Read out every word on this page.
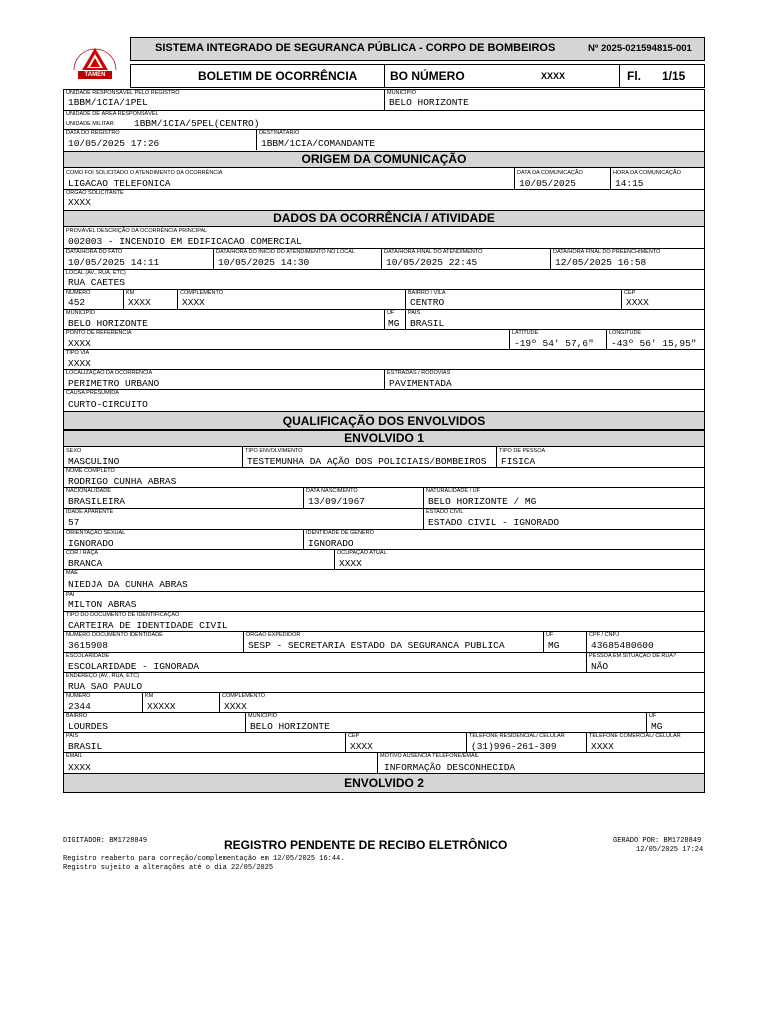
TAMEN
SISTEMA INTEGRADO DE SEGURANCA PÚBLICA - CORPO DE BOMBEIROS	Nº 2025-021594815-001
BOLETIM DE OCORRÊNCIA	BO NÚMERO	XXXX	Fl. 1/15
UNIDADE RESPONSÁVEL PELO REGISTRO
1BBM/1CIA/1PEL
MUNICÍPIO
BELO HORIZONTE
UNIDADE DE ÁREA RESPONSÁVEL
UNIDADE MILITAR: 1BBM/1CIA/5PEL(CENTRO)
DATA DO REGISTRO
10/05/2025 17:26
DESTINATÁRIO
1BBM/1CIA/COMANDANTE
ORIGEM DA COMUNICAÇÃO
COMO FOI SOLICITADO O ATENDIMENTO DA OCORRÊNCIA
LIGACAO TELEFONICA
DATA DA COMUNICAÇÃO
10/05/2025
HORA DA COMUNICAÇÃO
14:15
ÓRGÃO SOLICITANTE
XXXX
DADOS DA OCORRÊNCIA / ATIVIDADE
PROVÁVEL DESCRIÇÃO DA OCORRÊNCIA PRINCIPAL
002003 - INCENDIO EM EDIFICACAO COMERCIAL
DATA/HORA DO FATO
10/05/2025 14:11
DATA/HORA DO INÍCIO DO ATENDIMENTO NO LOCAL
10/05/2025 14:30
DATA/HORA FINAL DO ATENDIMENTO
10/05/2025 22:45
DATA/HORA FINAL DO PREENCHIMENTO
12/05/2025 16:58
LOCAL (AV., RUA, ETC)
RUA CAETES
NÚMERO
452
KM
XXXX
COMPLEMENTO
XXXX
BAIRRO / VILA
CENTRO
CEP
XXXX
MUNICÍPIO
BELO HORIZONTE
UF
MG
PAÍS
BRASIL
PONTO DE REFERÊNCIA
XXXX
LATITUDE
-19º 54' 57,6"
LONGITUDE
-43º 56' 15,95"
TIPO VIA
XXXX
LOCALIZAÇÃO DA OCORRÊNCIA
PERIMETRO URBANO
ESTRADAS / RODOVIAS
PAVIMENTADA
CAUSA PRESUMIDA
CURTO-CIRCUITO
QUALIFICAÇÃO DOS ENVOLVIDOS
ENVOLVIDO 1
SEXO
MASCULINO
TIPO ENVOLVIMENTO
TESTEMUNHA DA AÇÃO DOS POLICIAIS/BOMBEIROS
TIPO DE PESSOA
FISICA
NOME COMPLETO
RODRIGO CUNHA ABRAS
NACIONALIDADE
BRASILEIRA
DATA NASCIMENTO
13/09/1967
NATURALIDADE / UF
BELO HORIZONTE / MG
IDADE APARENTE
57
ESTADO CIVIL
ESTADO CIVIL - IGNORADO
ORIENTAÇÃO SEXUAL
IGNORADO
IDENTIDADE DE GÊNERO
IGNORADO
COR / RAÇA
BRANCA
OCUPAÇÃO ATUAL
XXXX
MÃE
NIEDJA DA CUNHA ABRAS
PAI
MILTON ABRAS
TIPO DO DOCUMENTO DE IDENTIFICAÇÃO
CARTEIRA DE IDENTIDADE CIVIL
NÚMERO DOCUMENTO IDENTIDADE
3615908
ÓRGÃO EXPEDIDOR
SESP - SECRETARIA ESTADO DA SEGURANCA PUBLICA
UF
MG
CPF / CNPJ
43685480600
ESCOLARIDADE
ESCOLARIDADE - IGNORADA
PESSOA EM SITUAÇÃO DE RUA?
NÃO
ENDEREÇO (AV., RUA, ETC)
RUA SAO PAULO
NÚMERO
2344
KM
XXXXX
COMPLEMENTO
XXXX
BAIRRO
LOURDES
MUNICÍPIO
BELO HORIZONTE
UF
MG
PAÍS
BRASIL
CEP
XXXX
TELEFONE RESIDENCIAL/ CELULAR
(31)996-261-309
TELEFONE COMERCIAL/ CELULAR
XXXX
EMAIL
XXXX
MOTIVO AUSÊNCIA TELEFONE/EMAIL
INFORMAÇÃO DESCONHECIDA
ENVOLVIDO 2
DIGITADOR: BM1728849	REGISTRO PENDENTE DE RECIBO ELETRÔNICO	GERADO POR: BM1728849
12/05/2025 17:24
Registro reaberto para correção/complementação em 12/05/2025 16:44.
Registro sujeito a alterações até o dia 22/05/2025
